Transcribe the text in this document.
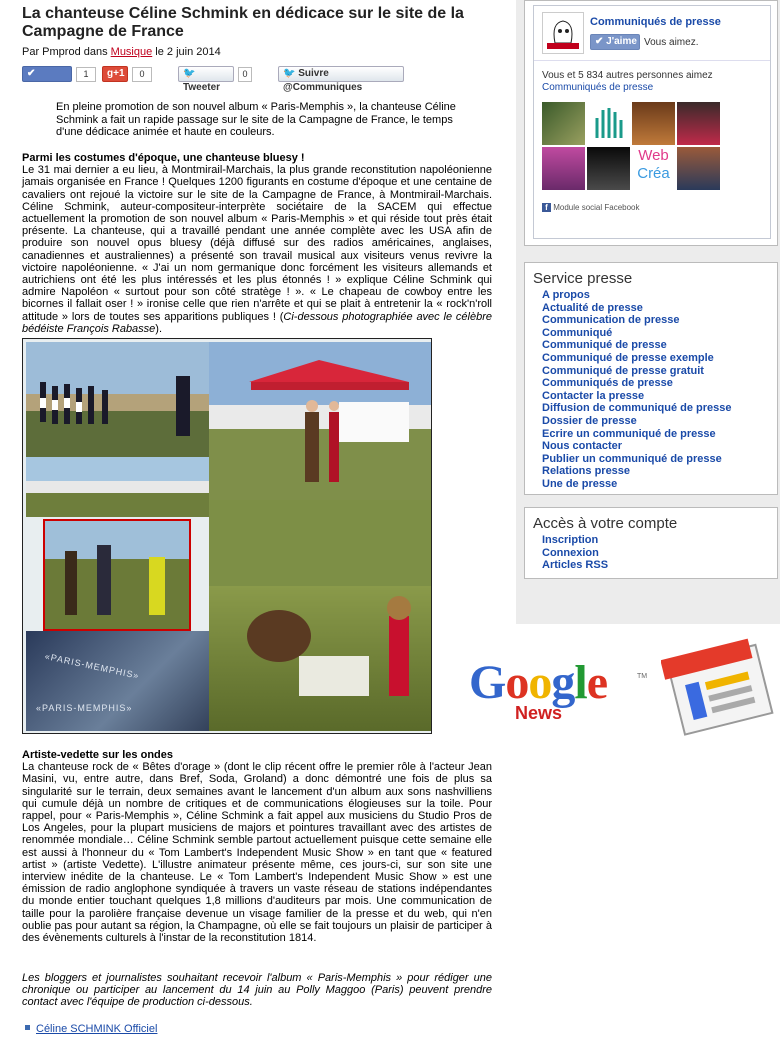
La chanteuse Céline Schmink en dédicace sur le site de la Campagne de France
Par Pmprod dans Musique le 2 juin 2014
✔ J'aime
1	g+1	0	🐦 Tweeter
0	🐦 Suivre @Communiques

En pleine promotion de son nouvel album « Paris-Memphis », la chanteuse Céline Schmink a fait un rapide passage sur le site de la Campagne de France, le temps d'une dédicace animée et haute en couleurs.

Parmi les costumes d'époque, une chanteuse bluesy !

Le 31 mai dernier a eu lieu, à Montmirail-Marchais, la plus grande reconstitution napoléonienne jamais organisée en France ! Quelques 1200 figurants en costume d'époque et une centaine de cavaliers ont rejoué la victoire sur le site de la Campagne de France, à Montmirail-Marchais. Céline Schmink, auteur-compositeur-interprète sociétaire de la SACEM qui effectue actuellement la promotion de son nouvel album « Paris-Memphis » et qui réside tout près était présente. La chanteuse, qui a travaillé pendant une année complète avec les USA afin de produire son nouvel opus bluesy (déjà diffusé sur des radios américaines, anglaises, canadiennes et australiennes) a présenté son travail musical aux visiteurs venus revivre la victoire napoléonienne. « J'ai un nom germanique donc forcément les visiteurs allemands et autrichiens ont été les plus intéressés et les plus étonnés ! » explique Céline Schmink qui admire Napoléon « surtout pour son côté stratège ! ». « Le chapeau de cowboy entre les bicornes il fallait oser ! » ironise celle que rien n'arrête et qui se plait à entretenir la « rock'n'roll attitude » lors de toutes ses apparitions publiques ! (Ci-dessous photographiée avec le célèbre bédéiste François Rabasse).

«PARIS-MEMPHIS»
«PARIS-MEMPHIS»
Artiste-vedette sur les ondes

La chanteuse rock de « Bêtes d'orage » (dont le clip récent offre le premier rôle à l'acteur Jean Masini, vu, entre autre, dans Bref, Soda, Groland) a donc démontré une fois de plus sa singularité sur le terrain, deux semaines avant le lancement d'un album aux sons nashvilliens qui cumule déjà un nombre de critiques et de communications élogieuses sur la toile. Pour rappel, pour « Paris-Memphis », Céline Schmink a fait appel aux musiciens du Studio Pros de Los Angeles, pour la plupart musiciens de majors et pointures travaillant avec des artistes de renommée mondiale… Céline Schmink semble partout actuellement puisque cette semaine elle est aussi à l'honneur du « Tom Lambert's Independent Music Show » en tant que « featured artist » (artiste Vedette). L'illustre animateur présente même, ces jours-ci, sur son site une interview inédite de la chanteuse. Le « Tom Lambert's Independent Music Show » est une émission de radio anglophone syndiquée à travers un vaste réseau de stations indépendantes du monde entier touchant quelques 1,8 millions d'auditeurs par mois. Une communication de taille pour la parolière française devenue un visage familier de la presse et du web, qui n'en oublie pas pour autant sa région, la Champagne, où elle se fait toujours un plaisir de participer à des évènements culturels à l'instar de la reconstitution 1814.

Les bloggers et journalistes souhaitant recevoir l'album « Paris-Memphis » pour rédiger une chronique ou participer au lancement du 14 juin au Polly Maggoo (Paris) peuvent prendre contact avec l'équipe de production ci-dessous.

Céline SCHMINK Officiel
Communiqués de presse
✔ J'aime Vous aimez.
Vous et 5 834 autres personnes aimez Communiqués de presse
Web
Créa
f Module social Facebook
Service presse
A propos
Actualité de presse
Communication de presse
Communiqué
Communiqué de presse
Communiqué de presse exemple
Communiqué de presse gratuit
Communiqués de presse
Contacter la presse
Diffusion de communiqué de presse
Dossier de presse
Ecrire un communiqué de presse
Nous contacter
Publier un communiqué de presse
Relations presse
Une de presse
Accès à votre compte
Inscription
Connexion
Articles RSS
Google	TM
News
